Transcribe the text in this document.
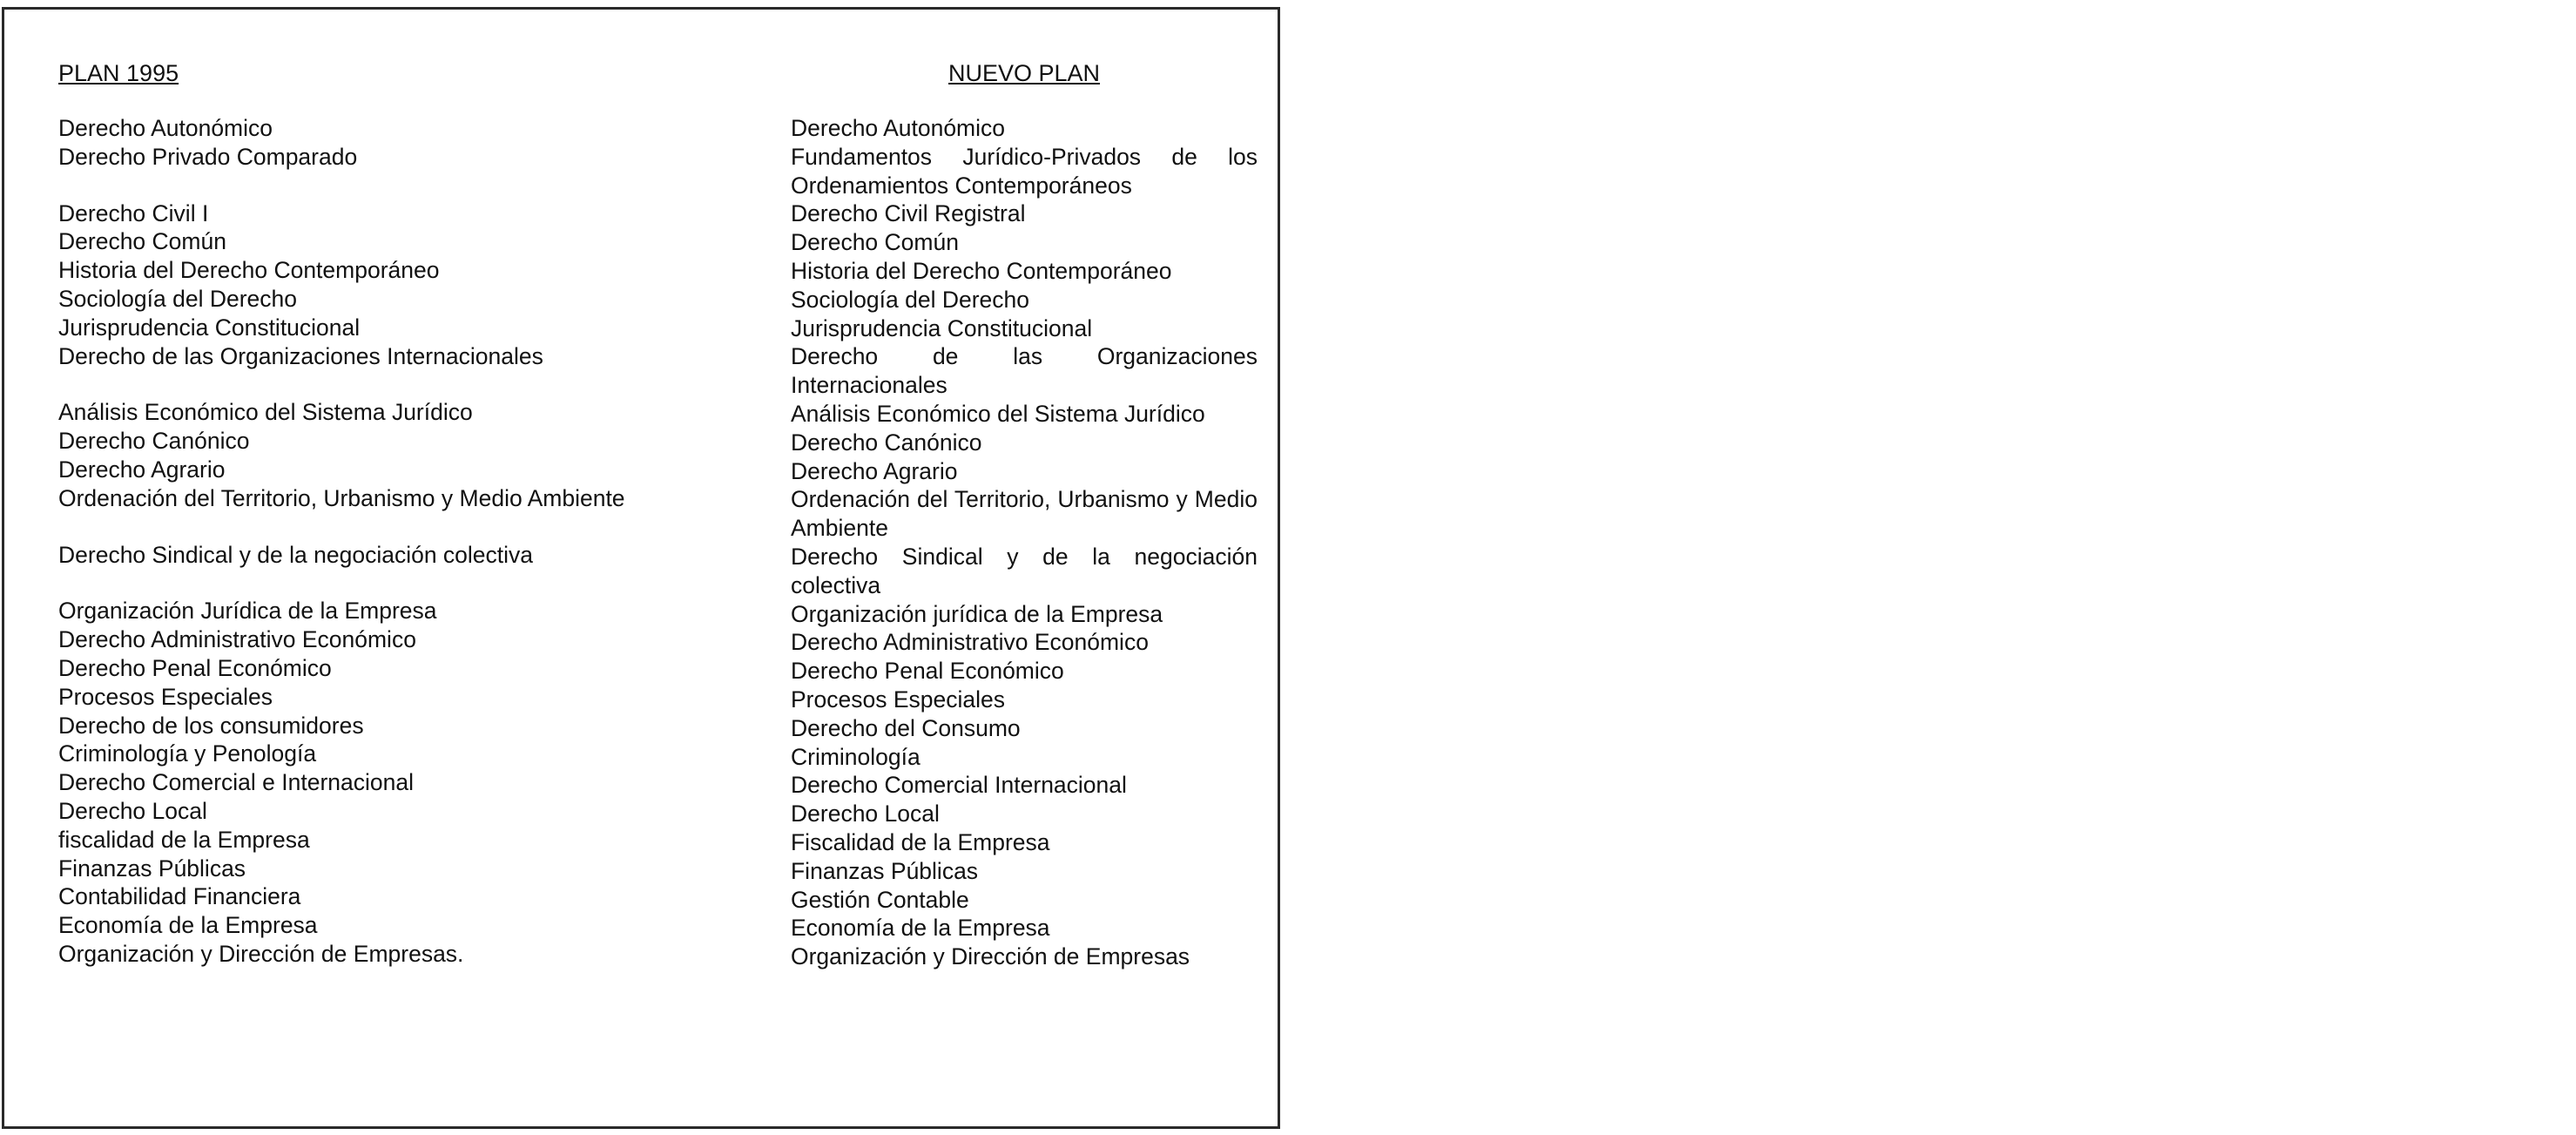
PLAN 1995
Derecho Autonómico
Derecho Privado Comparado
Derecho Civil I
Derecho Común
Historia del Derecho Contemporáneo
Sociología del Derecho
Jurisprudencia Constitucional
Derecho de las Organizaciones Internacionales
Análisis Económico del Sistema Jurídico
Derecho Canónico
Derecho Agrario
Ordenación del Territorio, Urbanismo y Medio Ambiente
Derecho Sindical y de la negociación colectiva
Organización Jurídica de la Empresa
Derecho Administrativo Económico
Derecho Penal Económico
Procesos Especiales
Derecho de los consumidores
Criminología y Penología
Derecho Comercial e Internacional
Derecho Local
fiscalidad de la Empresa
Finanzas Públicas
Contabilidad Financiera
Economía de la Empresa
Organización y Dirección de Empresas.
NUEVO PLAN
Derecho Autonómico
Fundamentos Jurídico-Privados de los Ordenamientos Contemporáneos
Derecho Civil Registral
Derecho Común
Historia del Derecho Contemporáneo
Sociología del Derecho
Jurisprudencia Constitucional
Derecho de las Organizaciones Internacionales
Análisis Económico del Sistema Jurídico
Derecho Canónico
Derecho Agrario
Ordenación del Territorio, Urbanismo y Medio Ambiente
Derecho Sindical y de la negociación colectiva
Organización jurídica de la Empresa
Derecho Administrativo Económico
Derecho Penal Económico
Procesos Especiales
Derecho del Consumo
Criminología
Derecho Comercial Internacional
Derecho Local
Fiscalidad de la Empresa
Finanzas Públicas
Gestión Contable
Economía de la Empresa
Organización y Dirección de Empresas
